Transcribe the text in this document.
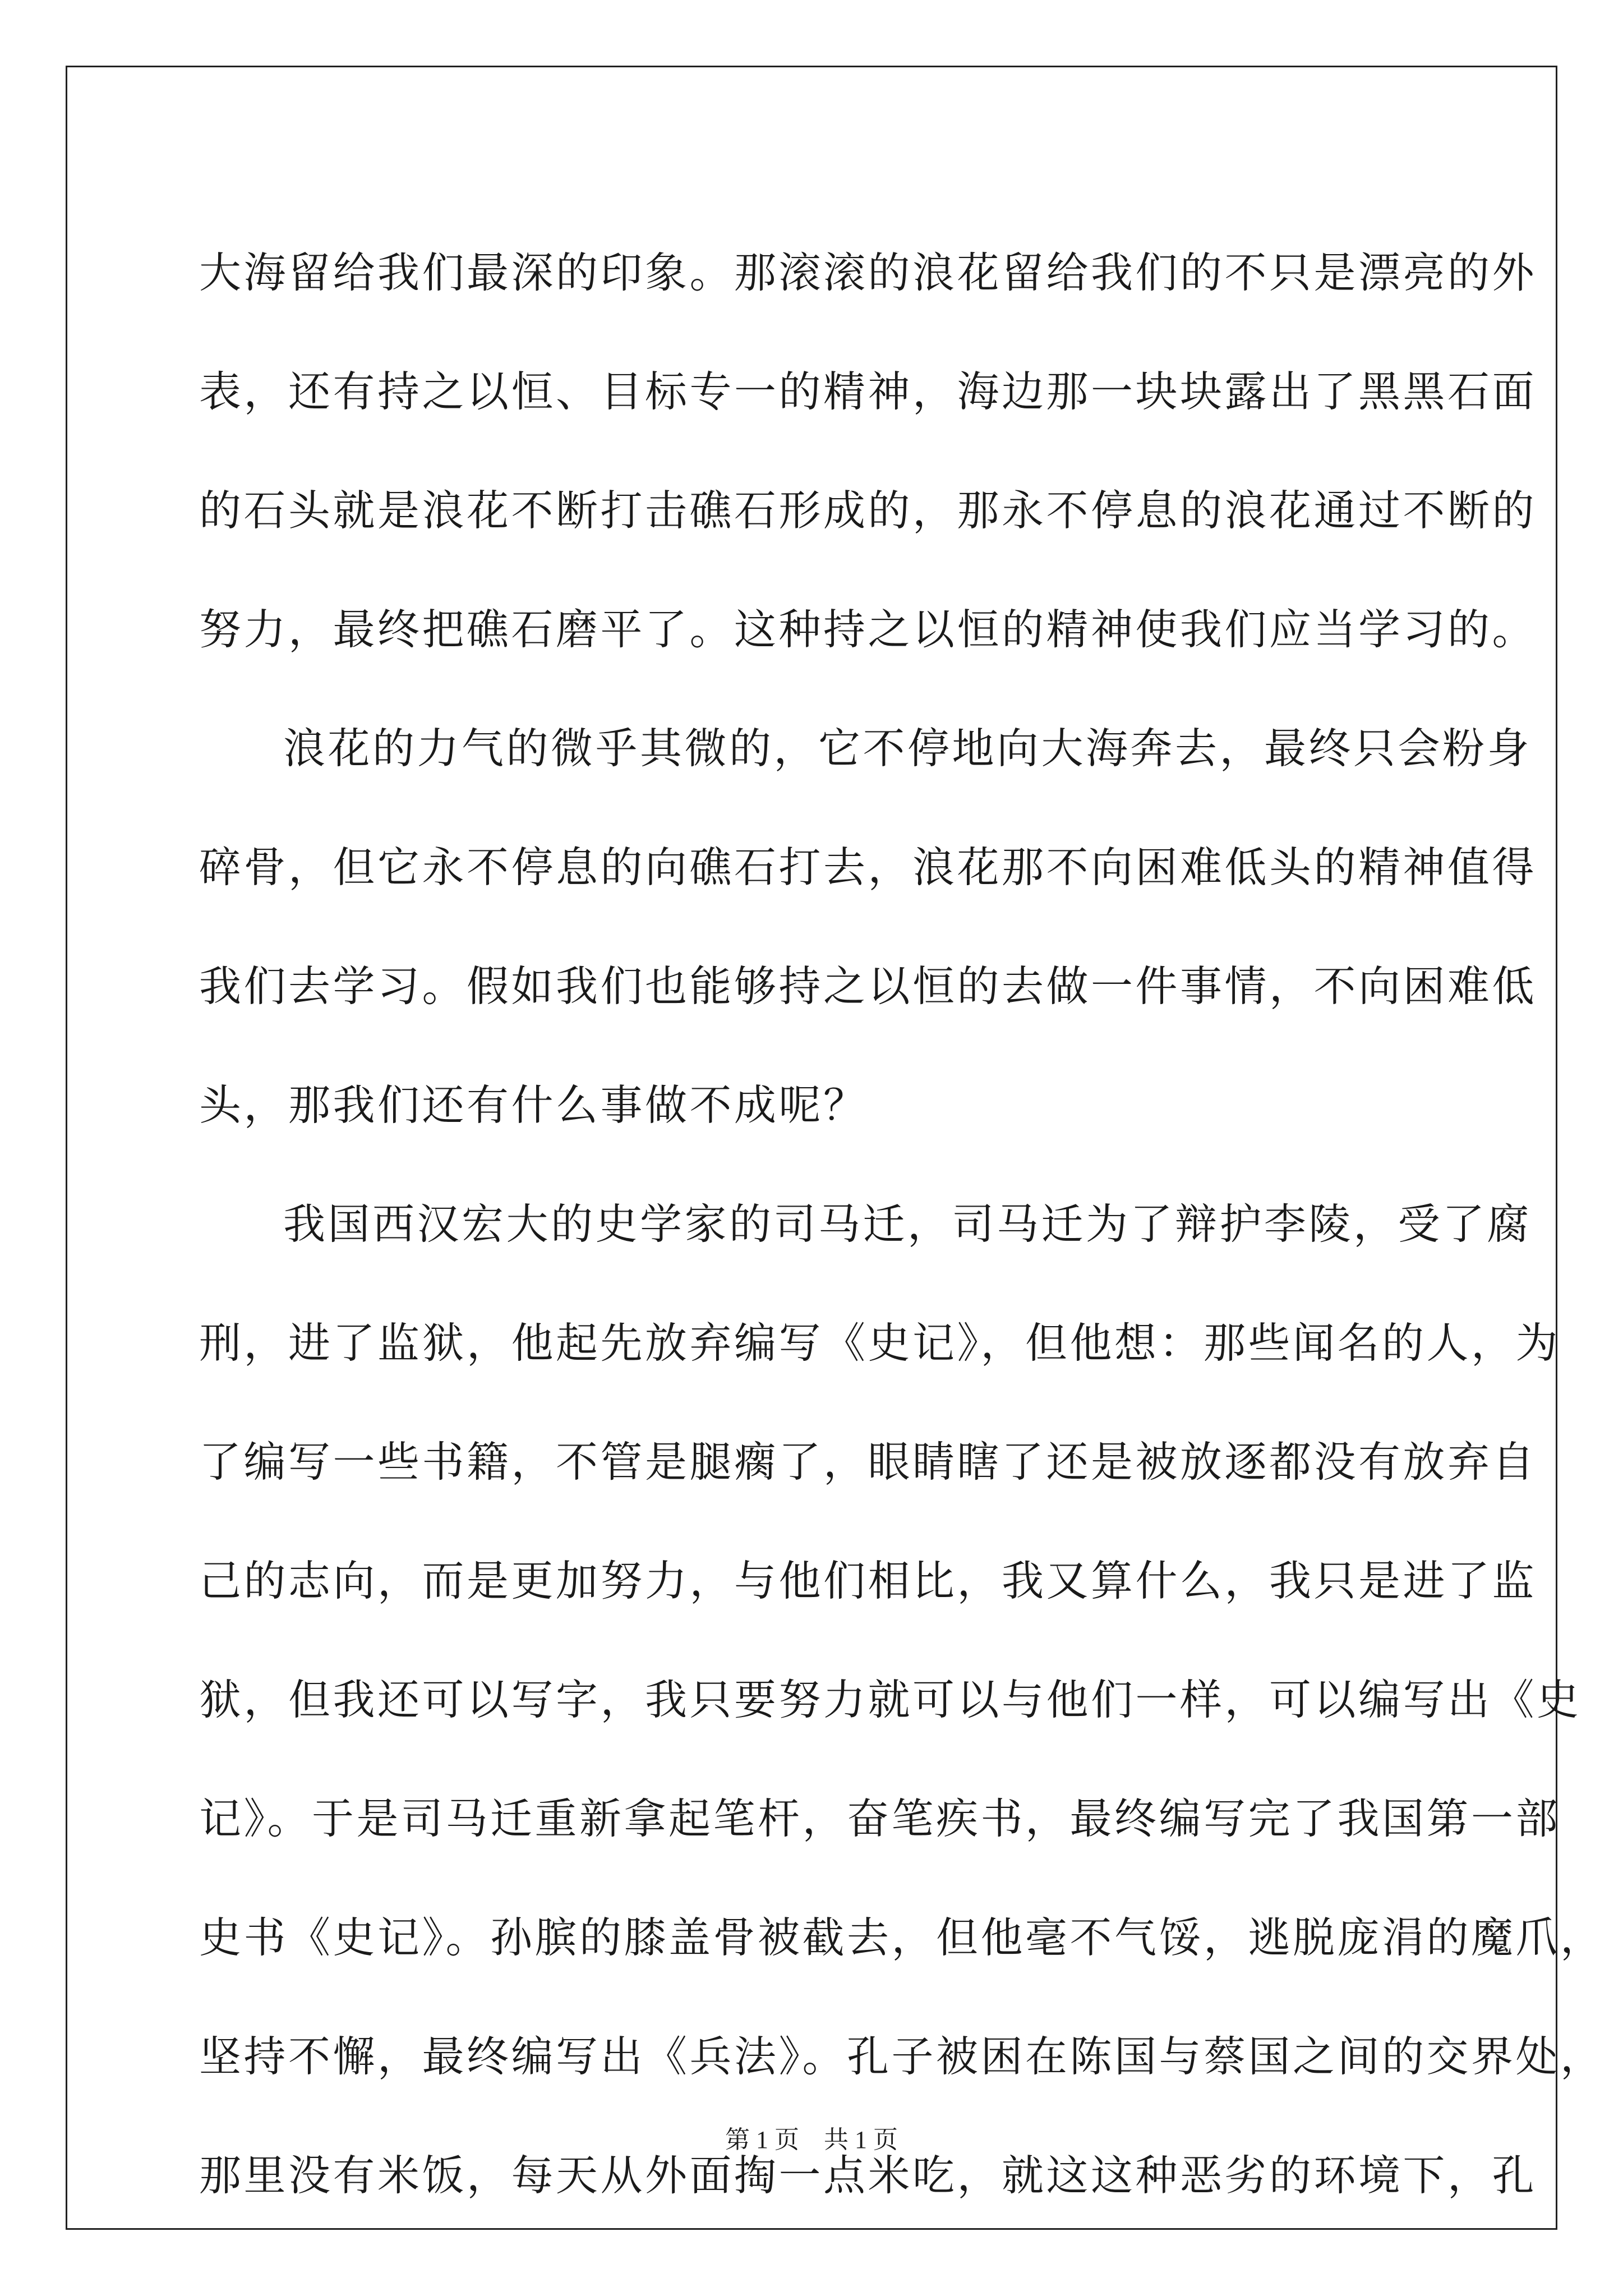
大海留给我们最深的印象。那滚滚的浪花留给我们的不只是漂亮的外
表，还有持之以恒、目标专一的精神，海边那一块块露出了黑黑石面
的石头就是浪花不断打击礁石形成的，那永不停息的浪花通过不断的
努力，最终把礁石磨平了。这种持之以恒的精神使我们应当学习的。
浪花的力气的微乎其微的，它不停地向大海奔去，最终只会粉身
碎骨，但它永不停息的向礁石打去，浪花那不向困难低头的精神值得
我们去学习。假如我们也能够持之以恒的去做一件事情，不向困难低
头，那我们还有什么事做不成呢？
我国西汉宏大的史学家的司马迁，司马迁为了辩护李陵，受了腐
刑，进了监狱，他起先放弃编写《史记》，但他想：那些闻名的人，为
了编写一些书籍，不管是腿瘸了，眼睛瞎了还是被放逐都没有放弃自
己的志向，而是更加努力，与他们相比，我又算什么，我只是进了监
狱，但我还可以写字，我只要努力就可以与他们一样，可以编写出《史
记》。于是司马迁重新拿起笔杆，奋笔疾书，最终编写完了我国第一部
史书《史记》。孙膑的膝盖骨被截去，但他毫不气馁，逃脱庞涓的魔爪，
坚持不懈，最终编写出《兵法》。孔子被困在陈国与蔡国之间的交界处，
那里没有米饭，每天从外面掏一点米吃，就这这种恶劣的环境下，孔
第 1 页　共 1 页
